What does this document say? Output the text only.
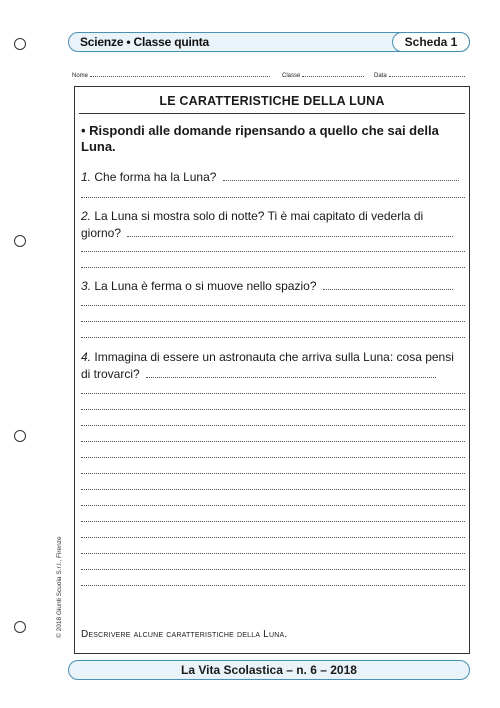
Scienze • Classe quinta	Scheda 1
Nome	Classe	Data
LE CARATTERISTICHE DELLA LUNA
• Rispondi alle domande ripensando a quello che sai della Luna.
1. Che forma ha la Luna?
2. La Luna si mostra solo di notte? Ti è mai capitato di vederla di giorno?
3. La Luna è ferma o si muove nello spazio?
4. Immagina di essere un astronauta che arriva sulla Luna: cosa pensi di trovarci?
Descrivere alcune caratteristiche della Luna.
© 2018 Giunti Scuola S.r.l., Firenze
La Vita Scolastica – n. 6 – 2018
